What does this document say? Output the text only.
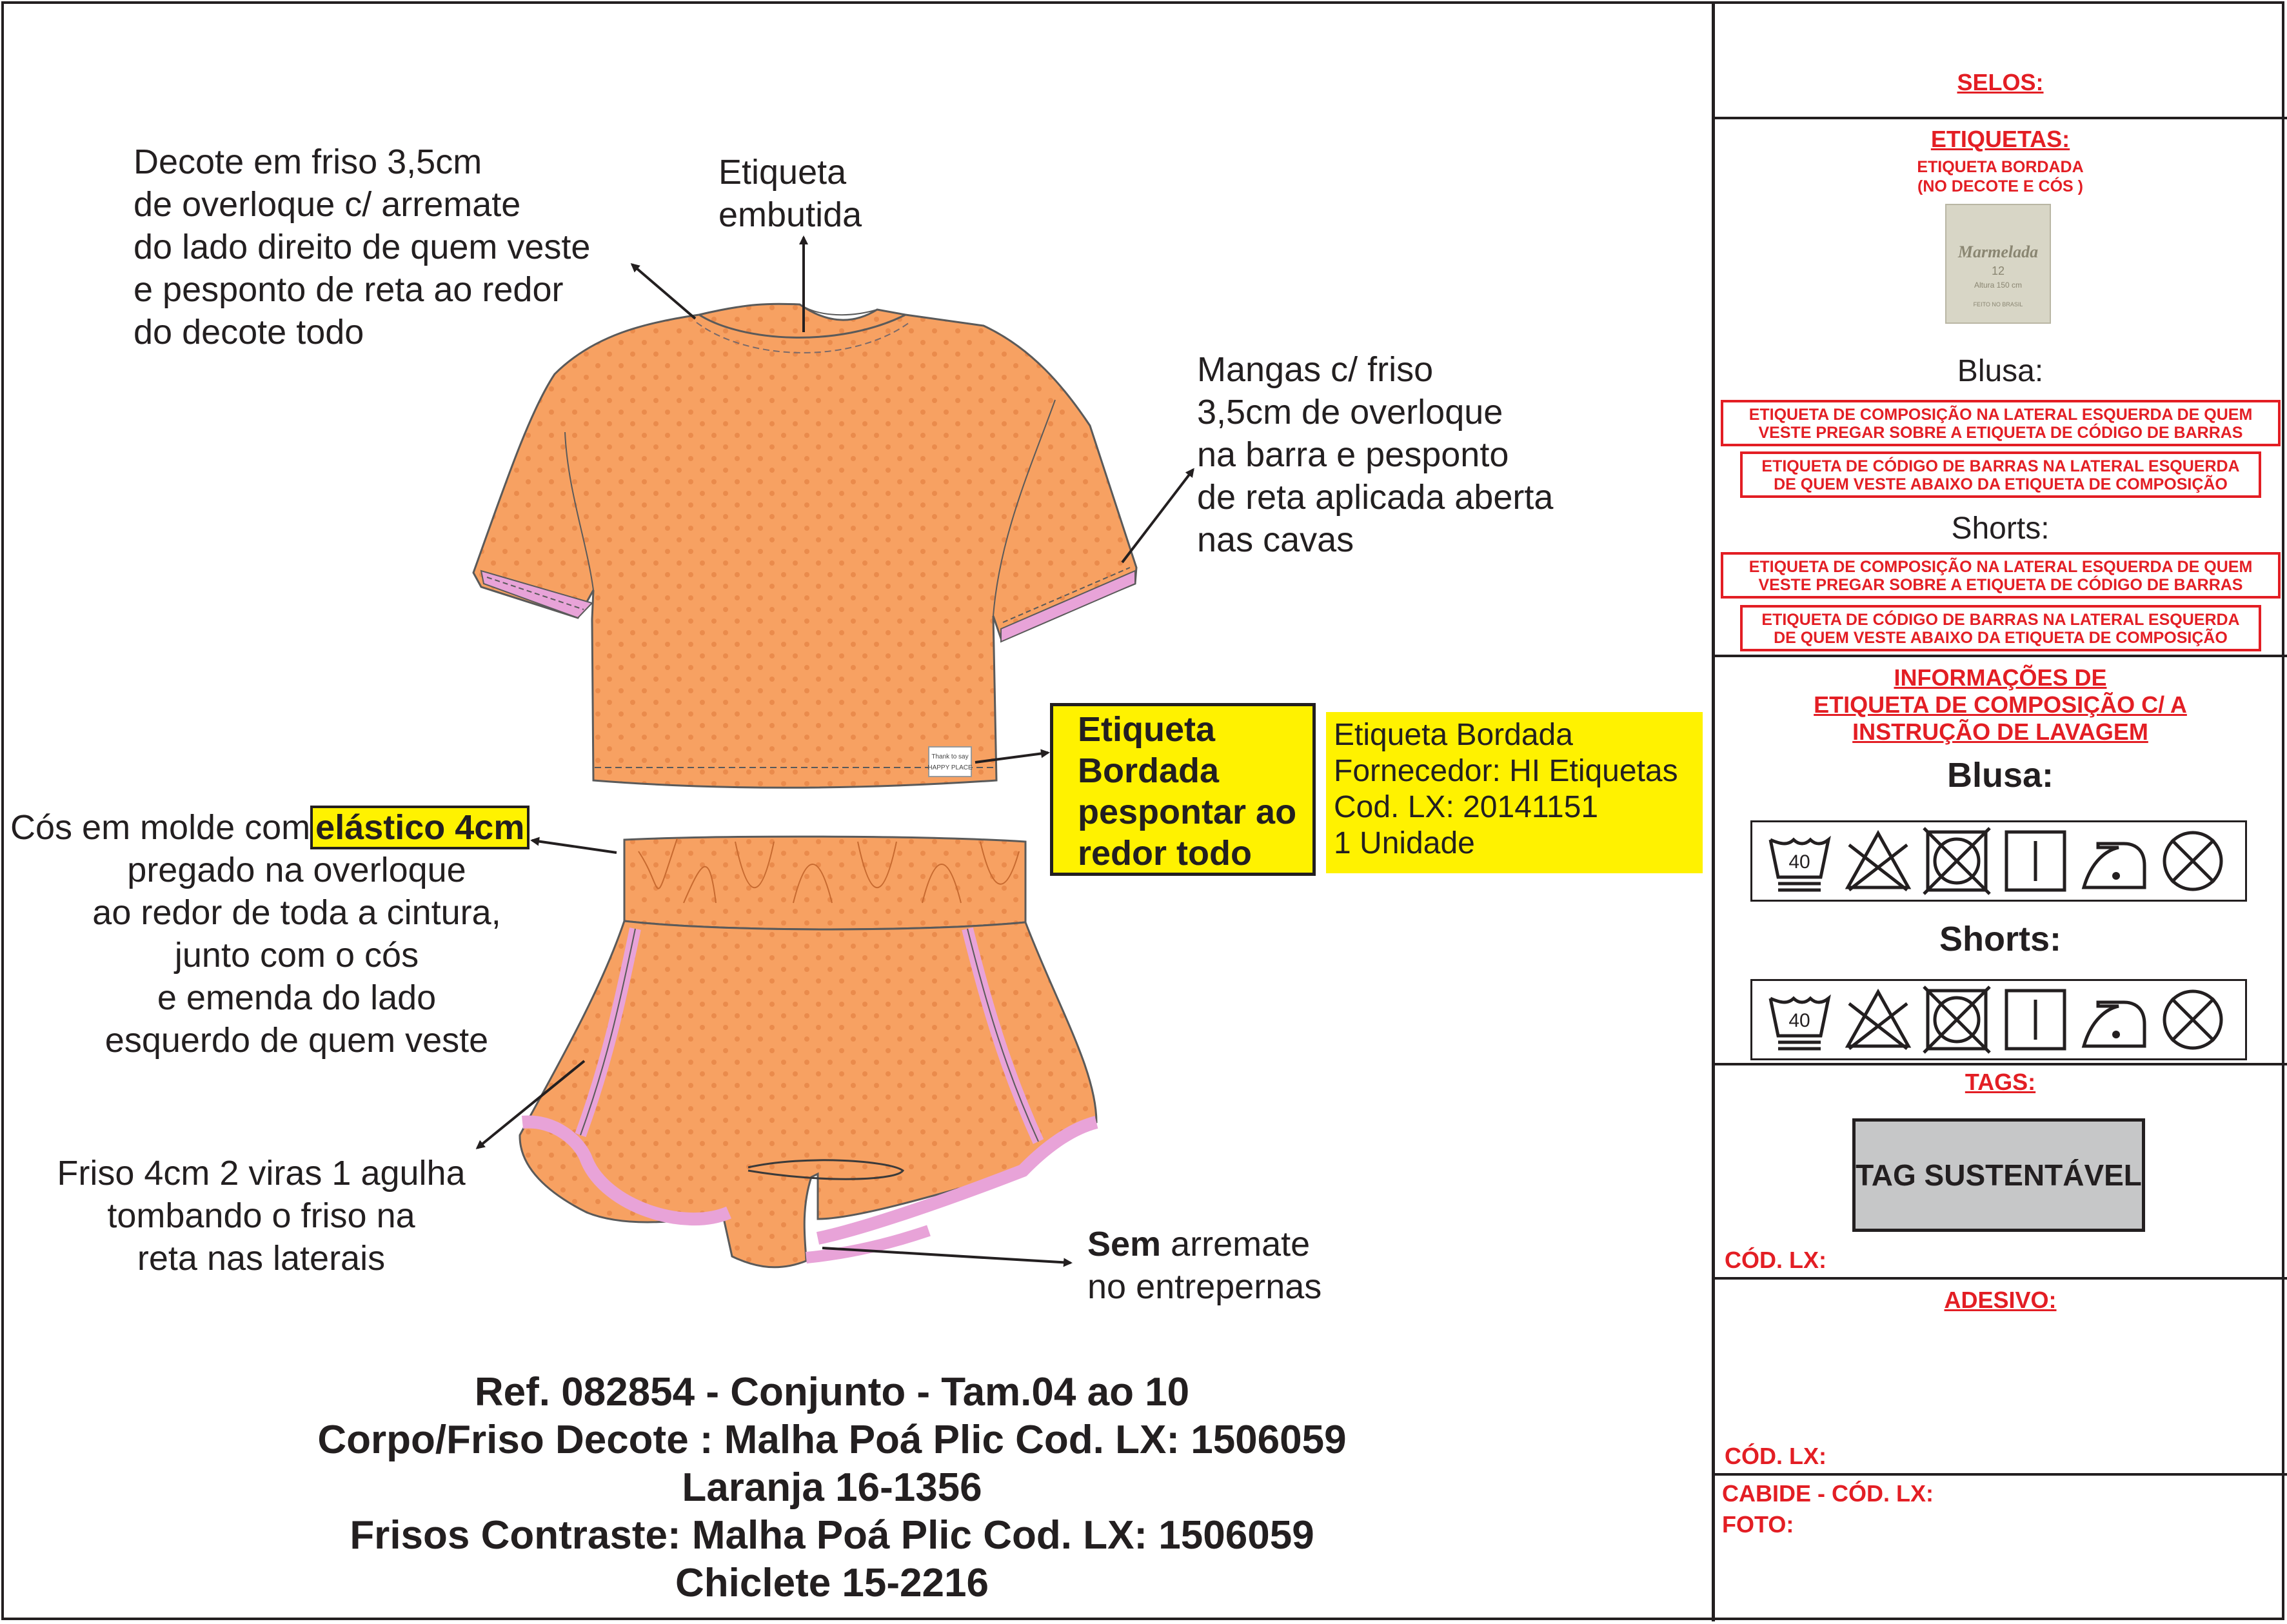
Thank to say
HAPPY PLACE
Decote em friso 3,5cm
de overloque c/ arremate
do lado direito de quem veste
e pesponto de reta ao redor
do decote todo
Etiqueta
embutida
Mangas c/ friso
3,5cm de overloque
na barra e pesponto
de reta aplicada aberta
nas cavas
Etiqueta
Bordada
pespontar ao
redor todo
Etiqueta Bordada
Fornecedor: HI Etiquetas
Cod. LX: 20141151
1 Unidade
Cós em molde com elástico 4cm
pregado na overloque
ao redor de toda a cintura,
junto com o cós
e emenda do lado
esquerdo de quem veste
Friso 4cm 2 viras 1 agulha
tombando o friso na
reta nas laterais	Sem arremate
no entrepernas
Ref. 082854 - Conjunto - Tam.04 ao 10
Corpo/Friso Decote : Malha Poá Plic Cod. LX: 1506059
Laranja 16-1356
Frisos Contraste: Malha Poá Plic Cod. LX: 1506059
Chiclete 15-2216
SELOS:
ETIQUETAS:
ETIQUETA BORDADA
(NO DECOTE E CÓS )
Marmelada
12
Altura 150 cm
FEITO NO BRASIL
Blusa:
ETIQUETA DE COMPOSIÇÃO NA LATERAL ESQUERDA DE QUEM
VESTE PREGAR SOBRE A ETIQUETA DE CÓDIGO DE BARRAS
ETIQUETA DE CÓDIGO DE BARRAS NA LATERAL ESQUERDA
DE QUEM VESTE ABAIXO DA ETIQUETA DE COMPOSIÇÃO
Shorts:
ETIQUETA DE COMPOSIÇÃO NA LATERAL ESQUERDA DE QUEM
VESTE PREGAR SOBRE A ETIQUETA DE CÓDIGO DE BARRAS
ETIQUETA DE CÓDIGO DE BARRAS NA LATERAL ESQUERDA
DE QUEM VESTE ABAIXO DA ETIQUETA DE COMPOSIÇÃO
INFORMAÇÕES DE
ETIQUETA DE COMPOSIÇÃO C/ A
INSTRUÇÃO DE LAVAGEM
Blusa:
40
Shorts:
40
TAGS:
TAG SUSTENTÁVEL
CÓD. LX:
ADESIVO:
CÓD. LX:
CABIDE - CÓD. LX:
FOTO:
